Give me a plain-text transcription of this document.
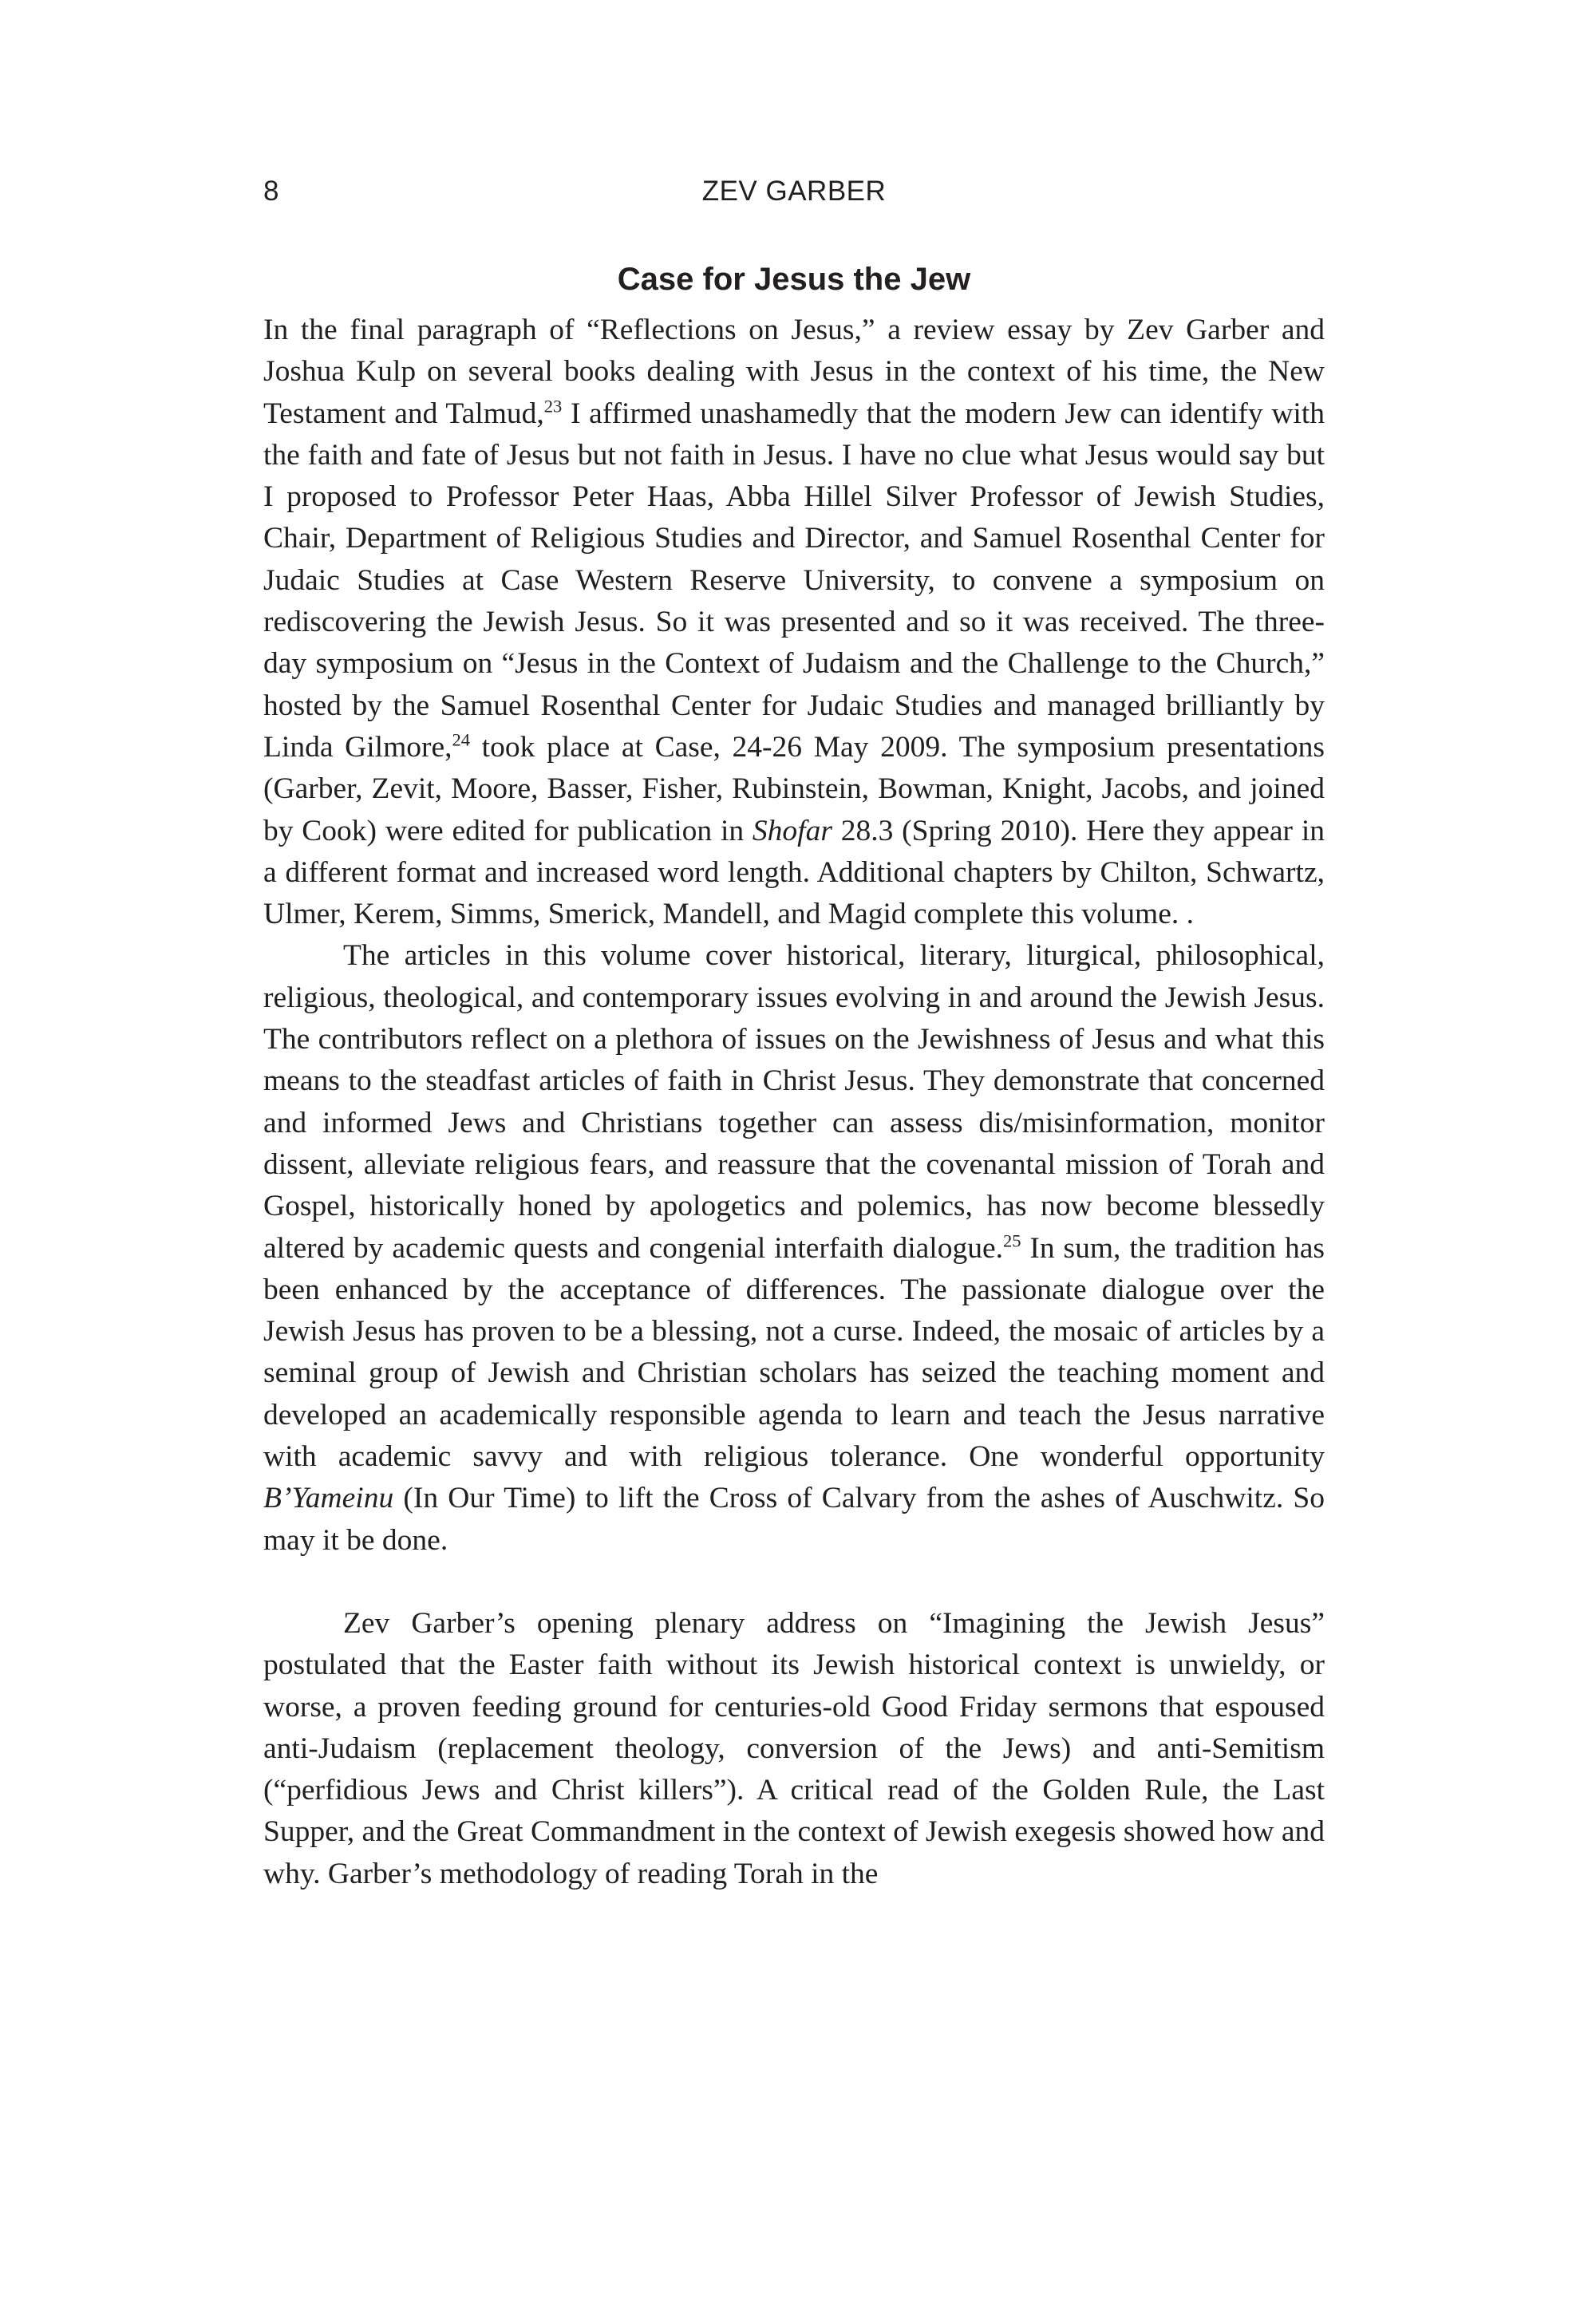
8	ZEV GARBER
Case for Jesus the Jew

In the final paragraph of “Reflections on Jesus,” a review essay by Zev Garber and Joshua Kulp on several books dealing with Jesus in the context of his time, the New Testament and Talmud,$^{23}$ I affirmed unashamedly that the modern Jew can identify with the faith and fate of Jesus but not faith in Jesus. I have no clue what Jesus would say but I proposed to Professor Peter Haas, Abba Hillel Silver Professor of Jewish Studies, Chair, Department of Religious Studies and Director, and Samuel Rosenthal Center for Judaic Studies at Case Western Reserve University, to convene a symposium on rediscovering the Jewish Jesus. So it was presented and so it was received. The three-day symposium on “Jesus in the Context of Judaism and the Challenge to the Church,” hosted by the Samuel Rosenthal Center for Judaic Studies and managed brilliantly by Linda Gilmore,$^{24}$ took place at Case, 24-26 May 2009. The symposium presentations (Garber, Zevit, Moore, Basser, Fisher, Rubinstein, Bowman, Knight, Jacobs, and joined by Cook) were edited for publication in Shofar 28.3 (Spring 2010). Here they appear in a different format and increased word length. Additional chapters by Chilton, Schwartz, Ulmer, Kerem, Simms, Smerick, Mandell, and Magid complete this volume. .

The articles in this volume cover historical, literary, liturgical, philosophical, religious, theological, and contemporary issues evolving in and around the Jewish Jesus. The contributors reflect on a plethora of issues on the Jewishness of Jesus and what this means to the steadfast articles of faith in Christ Jesus. They demonstrate that concerned and informed Jews and Christians together can assess dis/misinformation, monitor dissent, alleviate religious fears, and reassure that the covenantal mission of Torah and Gospel, historically honed by apologetics and polemics, has now become blessedly altered by academic quests and congenial interfaith dialogue.$^{25}$ In sum, the tradition has been enhanced by the acceptance of differences. The passionate dialogue over the Jewish Jesus has proven to be a blessing, not a curse. Indeed, the mosaic of articles by a seminal group of Jewish and Christian scholars has seized the teaching moment and developed an academically responsible agenda to learn and teach the Jesus narrative with academic savvy and with religious tolerance. One wonderful opportunity B’Yameinu (In Our Time) to lift the Cross of Calvary from the ashes of Auschwitz. So may it be done.

Zev Garber’s opening plenary address on “Imagining the Jewish Jesus” postulated that the Easter faith without its Jewish historical context is unwieldy, or worse, a proven feeding ground for centuries-old Good Friday sermons that espoused anti-Judaism (replacement theology, conversion of the Jews) and anti-Semitism (“perfidious Jews and Christ killers”). A critical read of the Golden Rule, the Last Supper, and the Great Commandment in the context of Jewish exegesis showed how and why. Garber’s methodology of reading Torah in the
